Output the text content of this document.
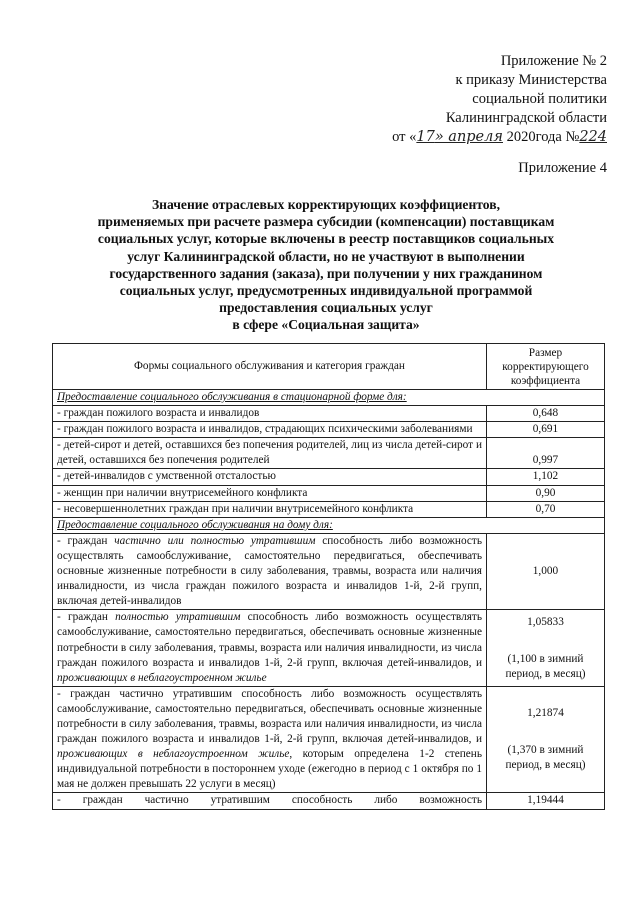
Приложение № 2
к приказу Министерства
социальной политики
Калининградской области
от «17» апреля 2020года №224
Приложение 4
Значение отраслевых корректирующих коэффициентов,
применяемых при расчете размера субсидии (компенсации) поставщикам
социальных услуг, которые включены в реестр поставщиков социальных
услуг Калининградской области, но не участвуют в выполнении
государственного задания (заказа), при получении у них гражданином
социальных услуг, предусмотренных индивидуальной программой
предоставления социальных услуг
в сфере «Социальная защита»
Формы социального обслуживания и категория граждан	Размер корректирующего коэффициента
Предоставление социального обслуживания в стационарной форме для:	
- граждан пожилого возраста и инвалидов	0,648
- граждан пожилого возраста и инвалидов, страдающих психическими заболеваниями	0,691
- детей-сирот и детей, оставшихся без попечения родителей, лиц из числа детей-сирот и детей, оставшихся без попечения родителей	0,997
- детей-инвалидов с умственной отсталостью	1,102
- женщин при наличии внутрисемейного конфликта	0,90
- несовершеннолетних граждан при наличии внутрисемейного конфликта	0,70
Предоставление социального обслуживания на дому для:	
- граждан частично или полностью утратившим способность либо возможность осуществлять самообслуживание, самостоятельно передвигаться, обеспечивать основные жизненные потребности в силу заболевания, травмы, возраста или наличия инвалидности, из числа граждан пожилого возраста и инвалидов 1-й, 2-й групп, включая детей-инвалидов	1,000
- граждан полностью утратившим способность либо возможность осуществлять самообслуживание, самостоятельно передвигаться, обеспечивать основные жизненные потребности в силу заболевания, травмы, возраста или наличия инвалидности, из числа граждан пожилого возраста и инвалидов 1-й, 2-й групп, включая детей-инвалидов, и проживающих в неблагоустроенном жилье	1,05833
(1,100 в зимний период, в месяц)

- граждан частично утратившим способность либо возможность осуществлять самообслуживание, самостоятельно передвигаться, обеспечивать основные жизненные потребности в силу заболевания, травмы, возраста или наличия инвалидности, из числа граждан пожилого возраста и инвалидов 1-й, 2-й групп, включая детей-инвалидов, и проживающих в неблагоустроенном жилье, которым определена 1-2 степень индивидуальной потребности в постороннем уходе (ежегодно в период с 1 октября по 1 мая не должен превышать 22 услуги в месяц)	1,21874
(1,370 в зимний период, в месяц)

- граждан частично утратившим способность либо возможность	1,19444
